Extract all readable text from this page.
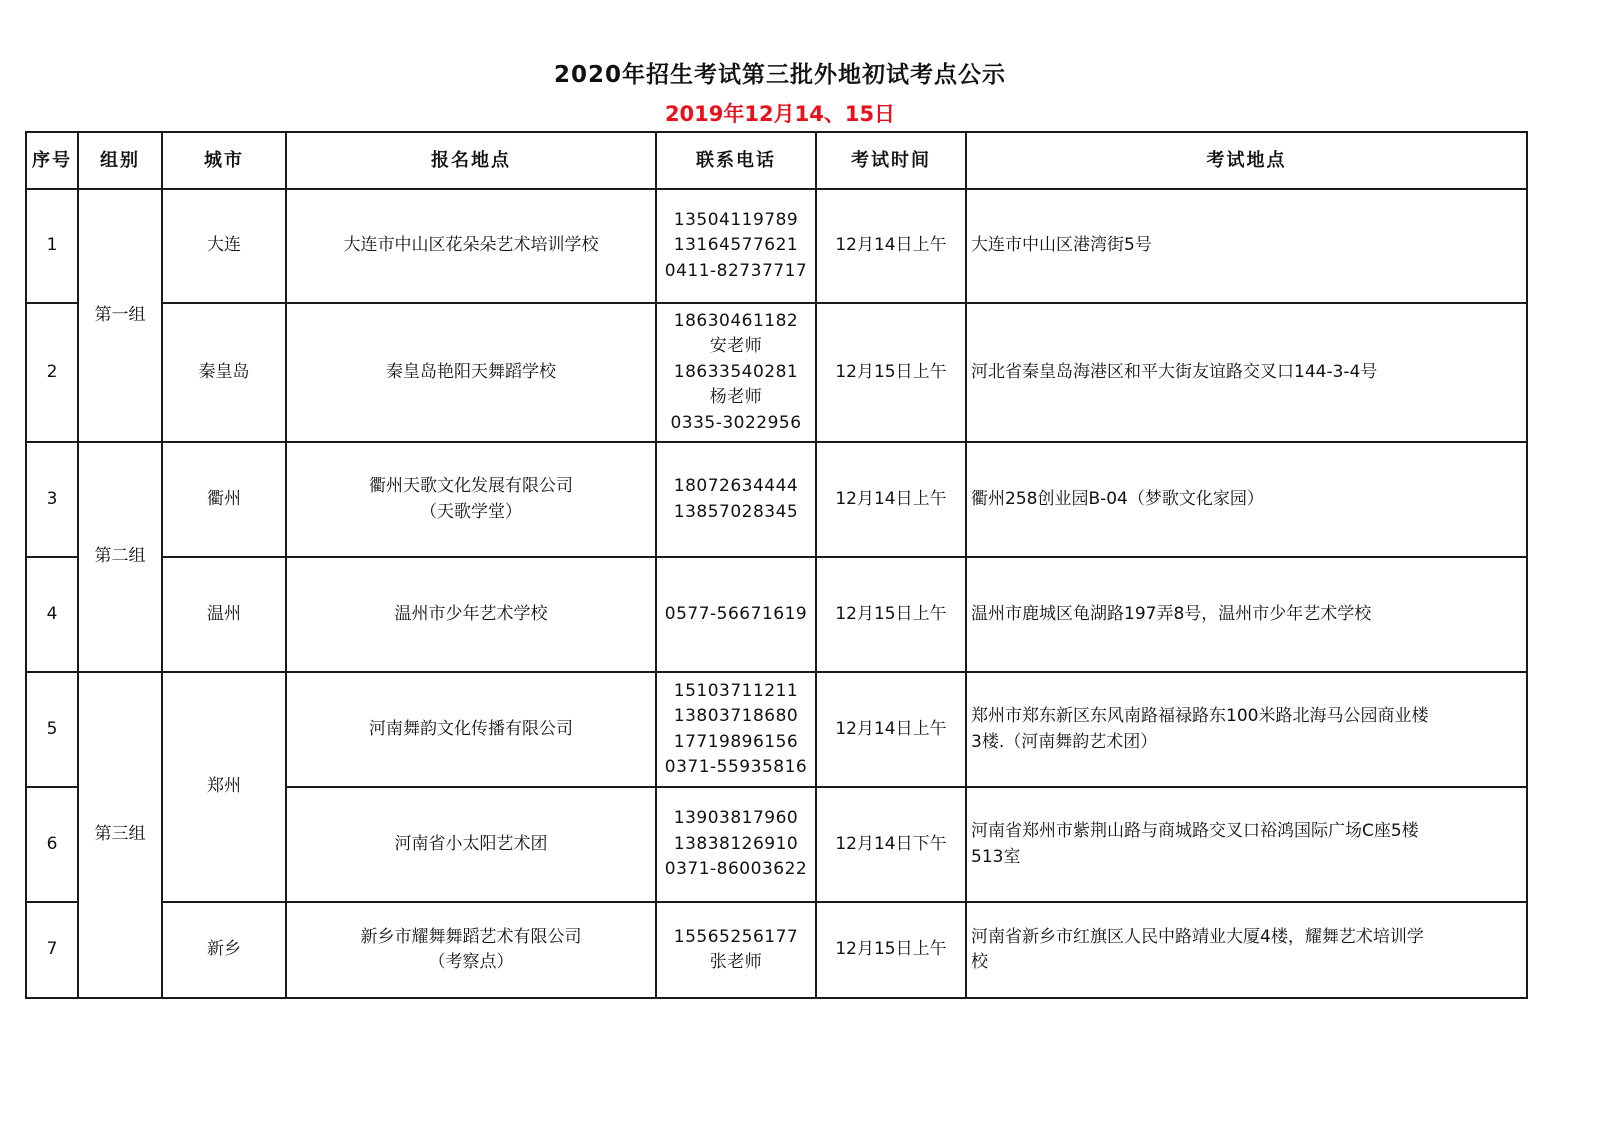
2020年招生考试第三批外地初试考点公示
2019年12月14、15日
序号	组别	城市	报名地点	联系电话	考试时间	考试地点
1	第一组	大连	大连市中山区花朵朵艺术培训学校	13504119789
13164577621
0411-82737717	12月14日上午	大连市中山区港湾街5号

2		秦皇岛	秦皇岛艳阳天舞蹈学校	18630461182
安老师
18633540281
杨老师
0335-3022956	12月15日上午	河北省秦皇岛海港区和平大街友谊路交叉口144-3-4号

3	第二组	衢州	衢州天歌文化发展有限公司
（天歌学堂）	18072634444
13857028345	12月14日上午	衢州258创业园B-04（梦歌文化家园）

4		温州	温州市少年艺术学校	0577-56671619	12月15日上午	温州市鹿城区龟湖路197弄8号，温州市少年艺术学校

5	第三组	郑州	河南舞韵文化传播有限公司	15103711211
13803718680
17719896156
0371-55935816	12月14日上午	郑州市郑东新区东风南路福禄路东100米路北海马公园商业楼
3楼.（河南舞韵艺术团）

6			河南省小太阳艺术团	13903817960
13838126910
0371-86003622	12月14日下午	河南省郑州市紫荆山路与商城路交叉口裕鸿国际广场C座5楼
513室

7		新乡	新乡市耀舞舞蹈艺术有限公司
（考察点）	15565256177
张老师	12月15日上午	河南省新乡市红旗区人民中路靖业大厦4楼，耀舞艺术培训学
校
